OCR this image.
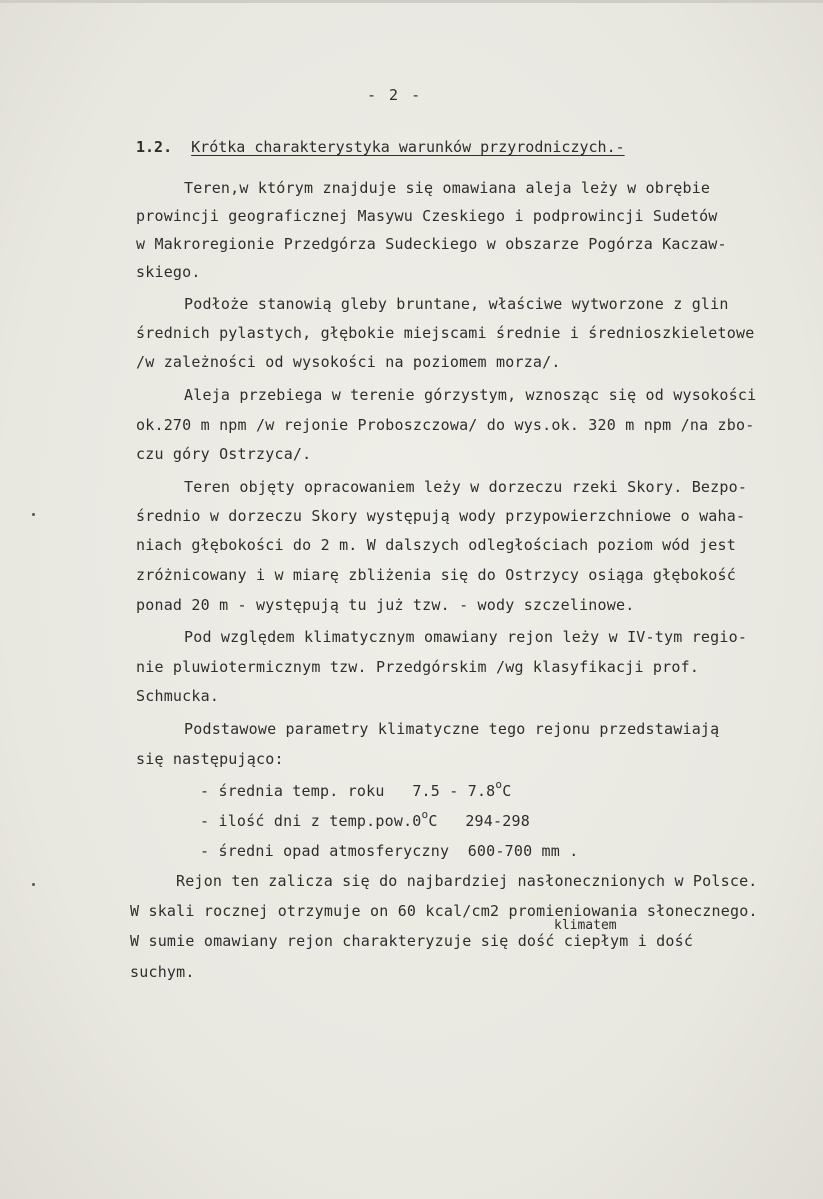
- 2 -
1.2. Krótka charakterystyka warunków przyrodniczych.-
Teren,w którym znajduje się omawiana aleja leży w obrębie
prowincji geograficznej Masywu Czeskiego i podprowincji Sudetów
w Makroregionie Przedgórza Sudeckiego w obszarze Pogórza Kaczaw-
skiego.
Podłoże stanowią gleby bruntane, właściwe wytworzone z glin
średnich pylastych, głębokie miejscami średnie i średnioszkieletowe
/w zależności od wysokości na poziomem morza/.
Aleja przebiega w terenie górzystym, wznosząc się od wysokości
ok.270 m npm /w rejonie Proboszczowa/ do wys.ok. 320 m npm /na zbo-
czu góry Ostrzyca/.
Teren objęty opracowaniem leży w dorzeczu rzeki Skory. Bezpo-
średnio w dorzeczu Skory występują wody przypowierzchniowe o waha-
niach głębokości do 2 m. W dalszych odległościach poziom wód jest
zróżnicowany i w miarę zbliżenia się do Ostrzycy osiąga głębokość
ponad 20 m - występują tu już tzw. - wody szczelinowe.
Pod względem klimatycznym omawiany rejon leży w IV-tym regio-
nie pluwiotermicznym tzw. Przedgórskim /wg klasyfikacji prof.
Schmucka.
Podstawowe parametry klimatyczne tego rejonu przedstawiają
się następująco:
- średnia temp. roku 7.5 - 7.8$^o$C
- ilość dni z temp.pow.0$^o$C 294-298
- średni opad atmosferyczny 600-700 mm .
Rejon ten zalicza się do najbardziej nasłonecznionych w Polsce.
W skali rocznej otrzymuje on 60 kcal/cm2 promieniowania słonecznego.
klimatem
W sumie omawiany rejon charakteryzuje się dość ciepłym i dość
suchym.
